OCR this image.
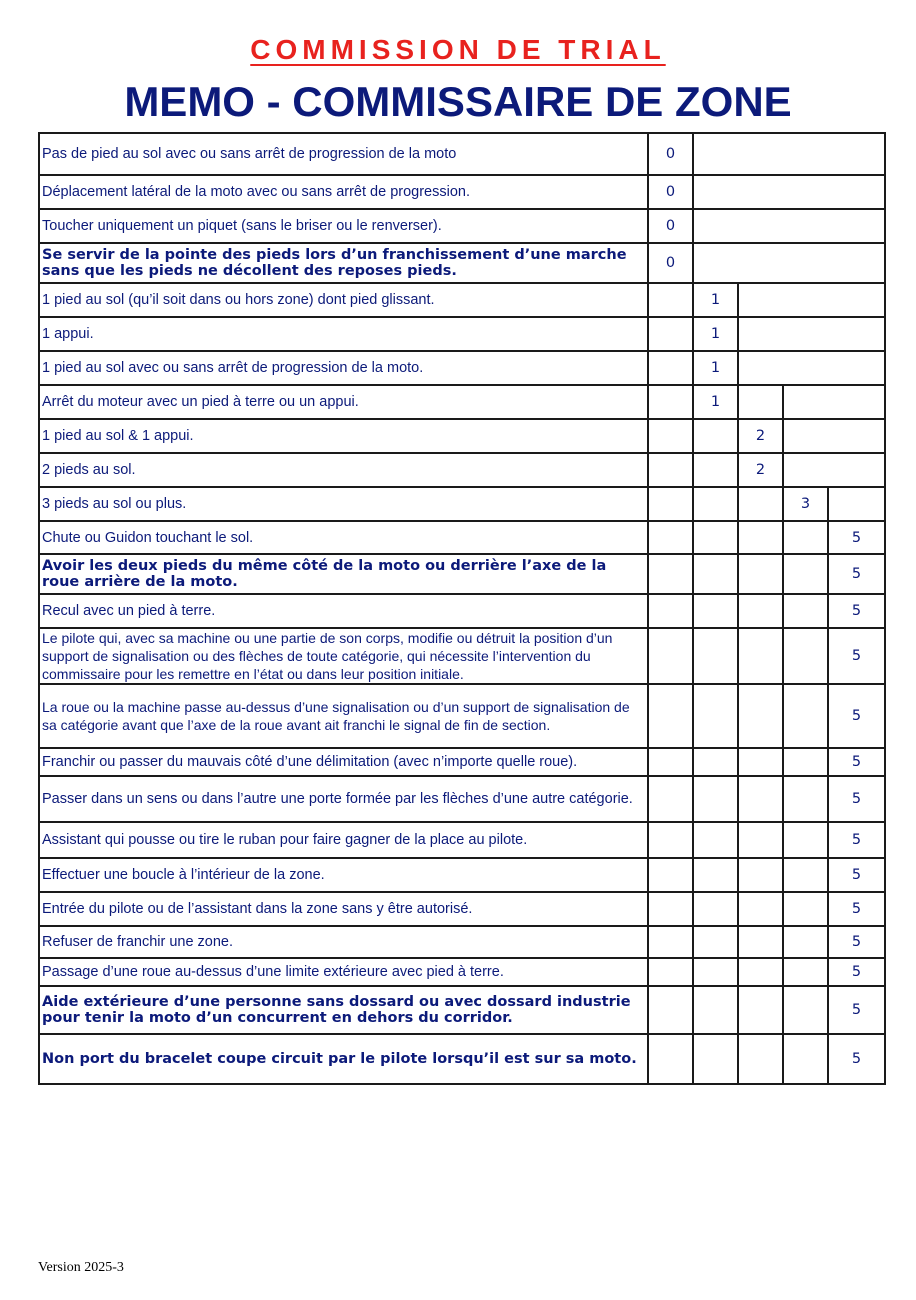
COMMISSION DE TRIAL
MEMO - COMMISSAIRE DE ZONE
Pas de pied au sol avec ou sans arrêt de progression de la moto	0				
Déplacement latéral de la moto avec ou sans arrêt de progression.	0				
Toucher uniquement un piquet (sans le briser ou le renverser).	0				
Se servir de la pointe des pieds lors d’un franchissement d’une marche sans que les pieds ne décollent des reposes pieds.	0				
1 pied au sol (qu’il soit dans ou hors zone) dont pied glissant.		1			
1 appui.		1			
1 pied au sol avec ou sans arrêt de progression de la moto.		1			
Arrêt du moteur avec un pied à terre ou un appui.		1			
1 pied au sol & 1 appui.			2		
2 pieds au sol.			2		
3 pieds au sol ou plus.				3	
Chute ou Guidon touchant le sol.					5
Avoir les deux pieds du même côté de la moto ou derrière l’axe de la roue arrière de la moto.					5
Recul avec un pied à terre.					5
Le pilote qui, avec sa machine ou une partie de son corps, modifie ou détruit la position d’un support de signalisation ou des flèches de toute catégorie, qui nécessite l’intervention du commissaire pour les remettre en l’état ou dans leur position initiale.					5
La roue ou la machine passe au-dessus d’une signalisation ou d’un support de signalisation de sa catégorie avant que l’axe de la roue avant ait franchi le signal de fin de section.					5
Franchir ou passer du mauvais côté d’une délimitation (avec n’importe quelle roue).					5
Passer dans un sens ou dans l’autre une porte formée par les flèches d’une autre catégorie.					5
Assistant qui pousse ou tire le ruban pour faire gagner de la place au pilote.					5
Effectuer une boucle à l’intérieur de la zone.					5
Entrée du pilote ou de l’assistant dans la zone sans y être autorisé.					5
Refuser de franchir une zone.					5
Passage d’une roue au-dessus d’une limite extérieure avec pied à terre.					5
Aide extérieure d’une personne sans dossard ou avec dossard industrie pour tenir la moto d’un concurrent en dehors du corridor.					5
Non port du bracelet coupe circuit par le pilote lorsqu’il est sur sa moto.					5
Version 2025-3
